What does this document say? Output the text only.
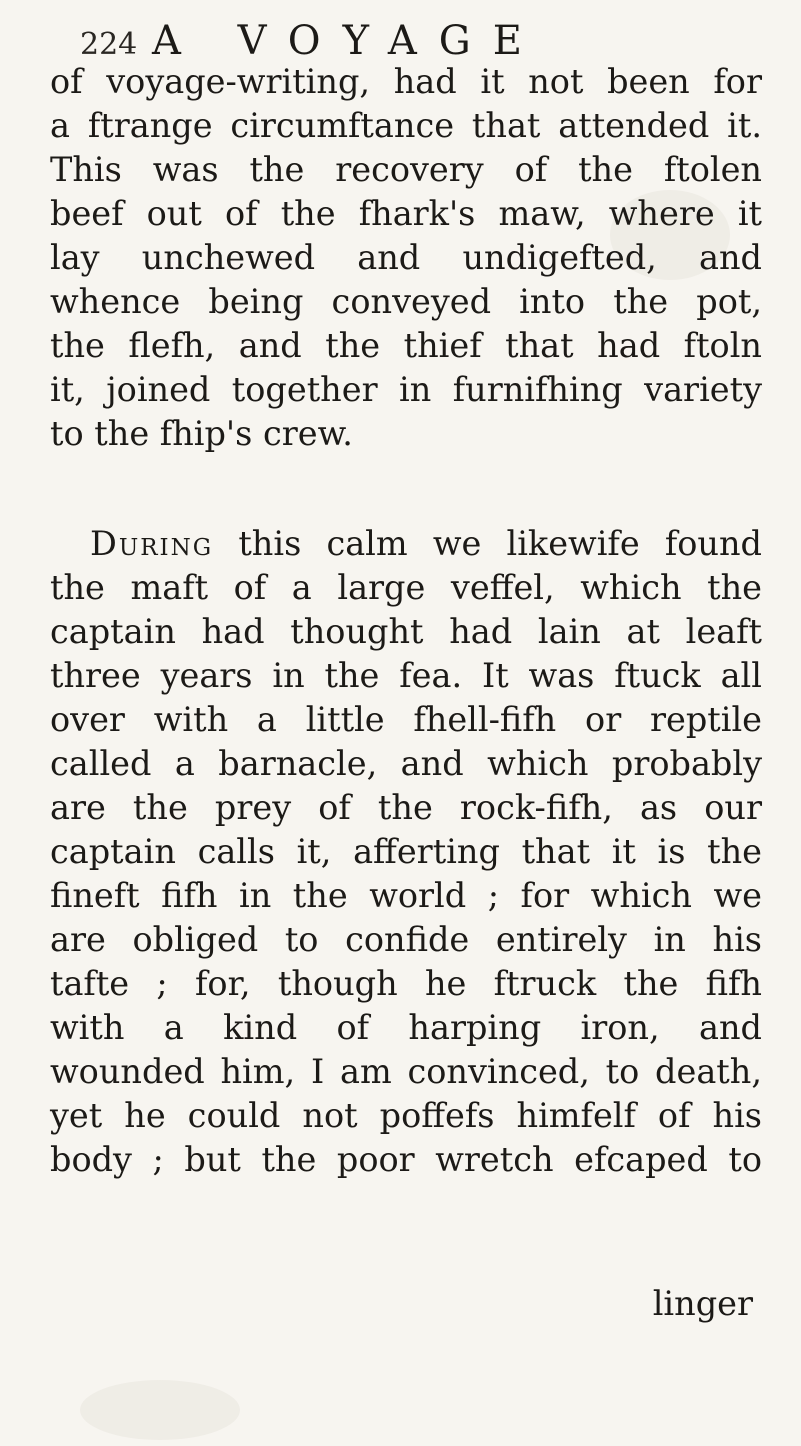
224 A VOYAGE
of voyage-writing, had it not been for
a ftrange circumftance that attended it.
This was the recovery of the ftolen
beef out of the fhark's maw, where it
lay unchewed and undigefted, and
whence being conveyed into the pot,
the flefh, and the thief that had ftoln
it, joined together in furnifhing variety
to the fhip's crew.
During this calm we likewife found
the maft of a large veffel, which the
captain had thought had lain at leaft
three years in the fea. It was ftuck all
over with a little fhell-fifh or reptile
called a barnacle, and which probably
are the prey of the rock-fifh, as our
captain calls it, afferting that it is the
fineft fifh in the world ; for which we
are obliged to confide entirely in his
tafte ; for, though he ftruck the fifh
with a kind of harping iron, and
wounded him, I am convinced, to death,
yet he could not poffefs himfelf of his
body ; but the poor wretch efcaped to
linger
